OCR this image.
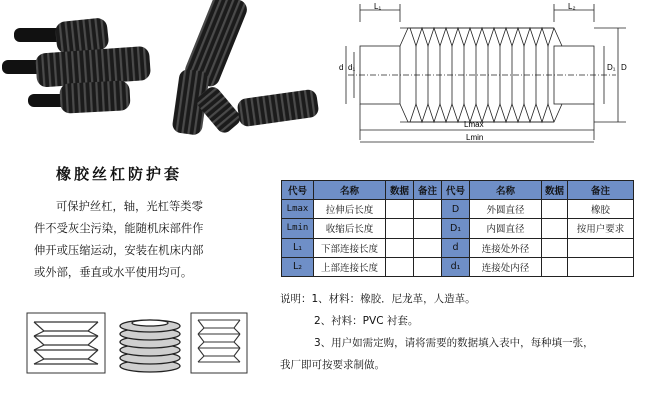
L₁	L₂
d d₁	D₁ D
Lmax
Lmin
橡胶丝杠防护套
可保护丝杠，轴，光杠等类零
件不受灰尘污染，能随机床部件作
伸开或压缩运动，安装在机床内部
或外部，垂直或水平使用均可。
代号	名称	数据	备注	代号	名称	数据	备注
Lmax	拉伸后长度			D	外圆直径		橡胶
Lmin	收缩后长度			D₁	内圆直径		按用户要求
L₁	下部连接长度			d	连接处外径		
L₂	上部连接长度			d₁	连接处内径		
说明：1、材料：橡胶．尼龙革，人造革。
2、衬料：PVC 衬套。
3、用户如需定购，请将需要的数据填入表中，每种填一张，
我厂即可按要求制做。
